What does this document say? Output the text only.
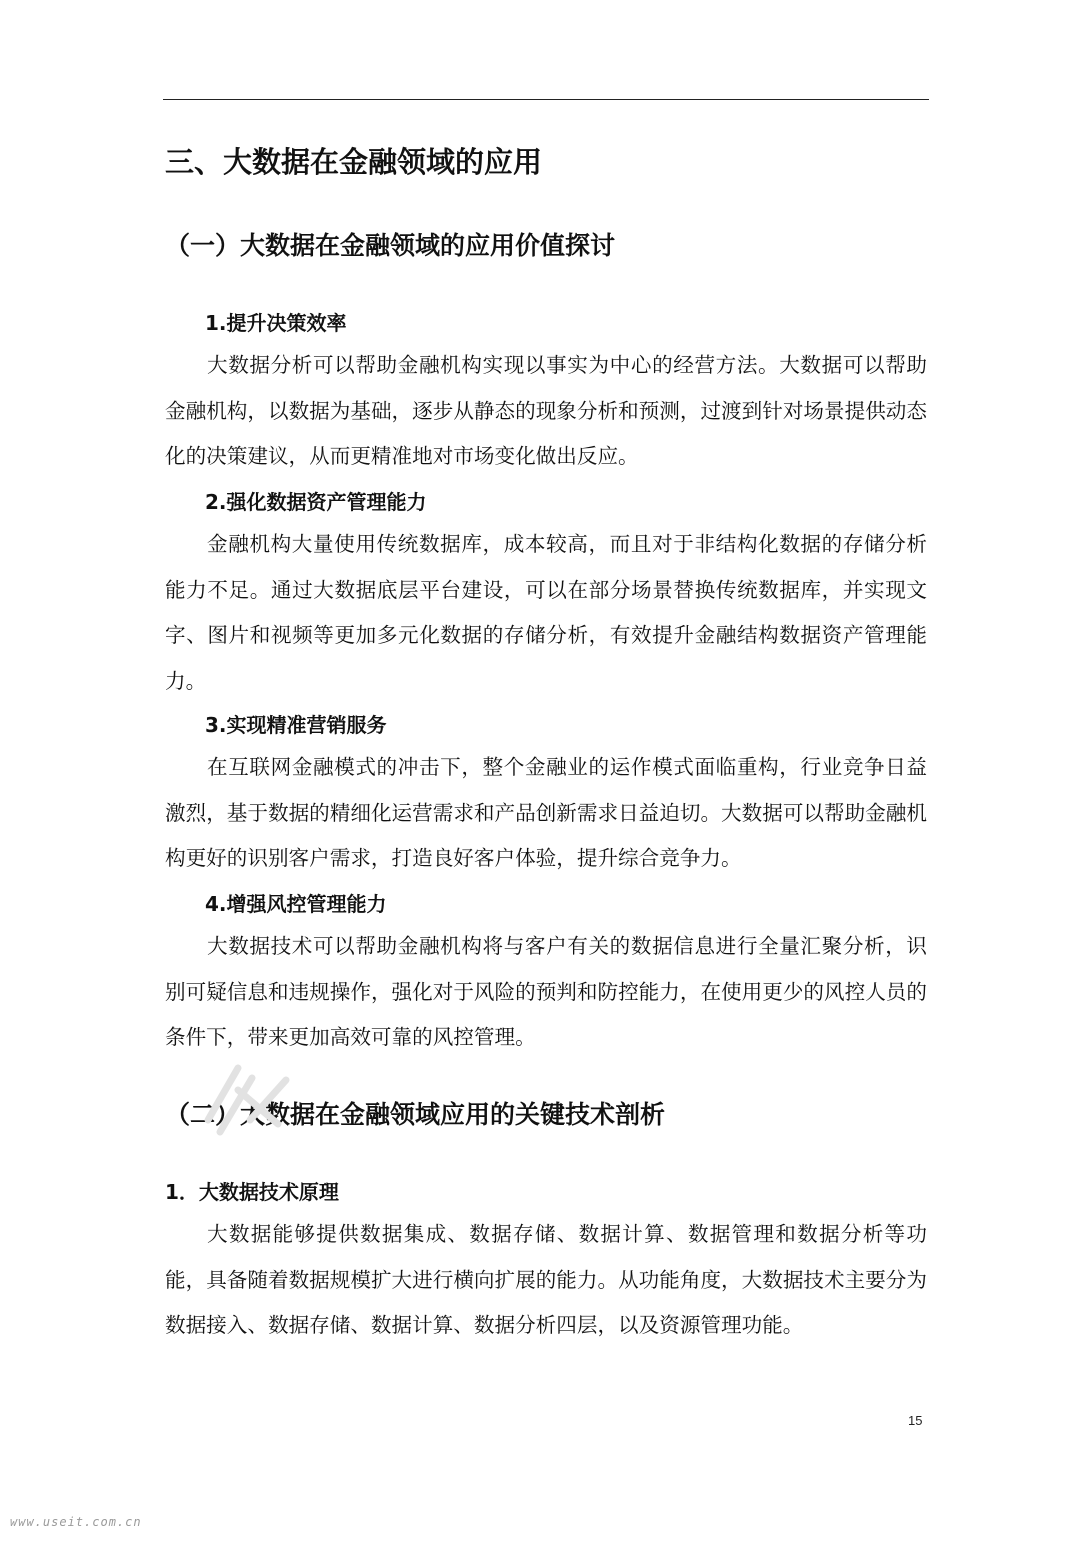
三、大数据在金融领域的应用
（一）大数据在金融领域的应用价值探讨
1.提升决策效率
大数据分析可以帮助金融机构实现以事实为中心的经营方法。大数据可以帮助金融机构，以数据为基础，逐步从静态的现象分析和预测，过渡到针对场景提供动态化的决策建议，从而更精准地对市场变化做出反应。
2.强化数据资产管理能力
金融机构大量使用传统数据库，成本较高，而且对于非结构化数据的存储分析能力不足。通过大数据底层平台建设，可以在部分场景替换传统数据库，并实现文字、图片和视频等更加多元化数据的存储分析，有效提升金融结构数据资产管理能力。
3.实现精准营销服务
在互联网金融模式的冲击下，整个金融业的运作模式面临重构，行业竞争日益激烈，基于数据的精细化运营需求和产品创新需求日益迫切。大数据可以帮助金融机构更好的识别客户需求，打造良好客户体验，提升综合竞争力。
4.增强风控管理能力
大数据技术可以帮助金融机构将与客户有关的数据信息进行全量汇聚分析，识别可疑信息和违规操作，强化对于风险的预判和防控能力，在使用更少的风控人员的条件下，带来更加高效可靠的风控管理。
（二）大数据在金融领域应用的关键技术剖析
1．大数据技术原理
大数据能够提供数据集成、数据存储、数据计算、数据管理和数据分析等功能，具备随着数据规模扩大进行横向扩展的能力。从功能角度，大数据技术主要分为数据接入、数据存储、数据计算、数据分析四层，以及资源管理功能。
15
www.useit.com.cn
